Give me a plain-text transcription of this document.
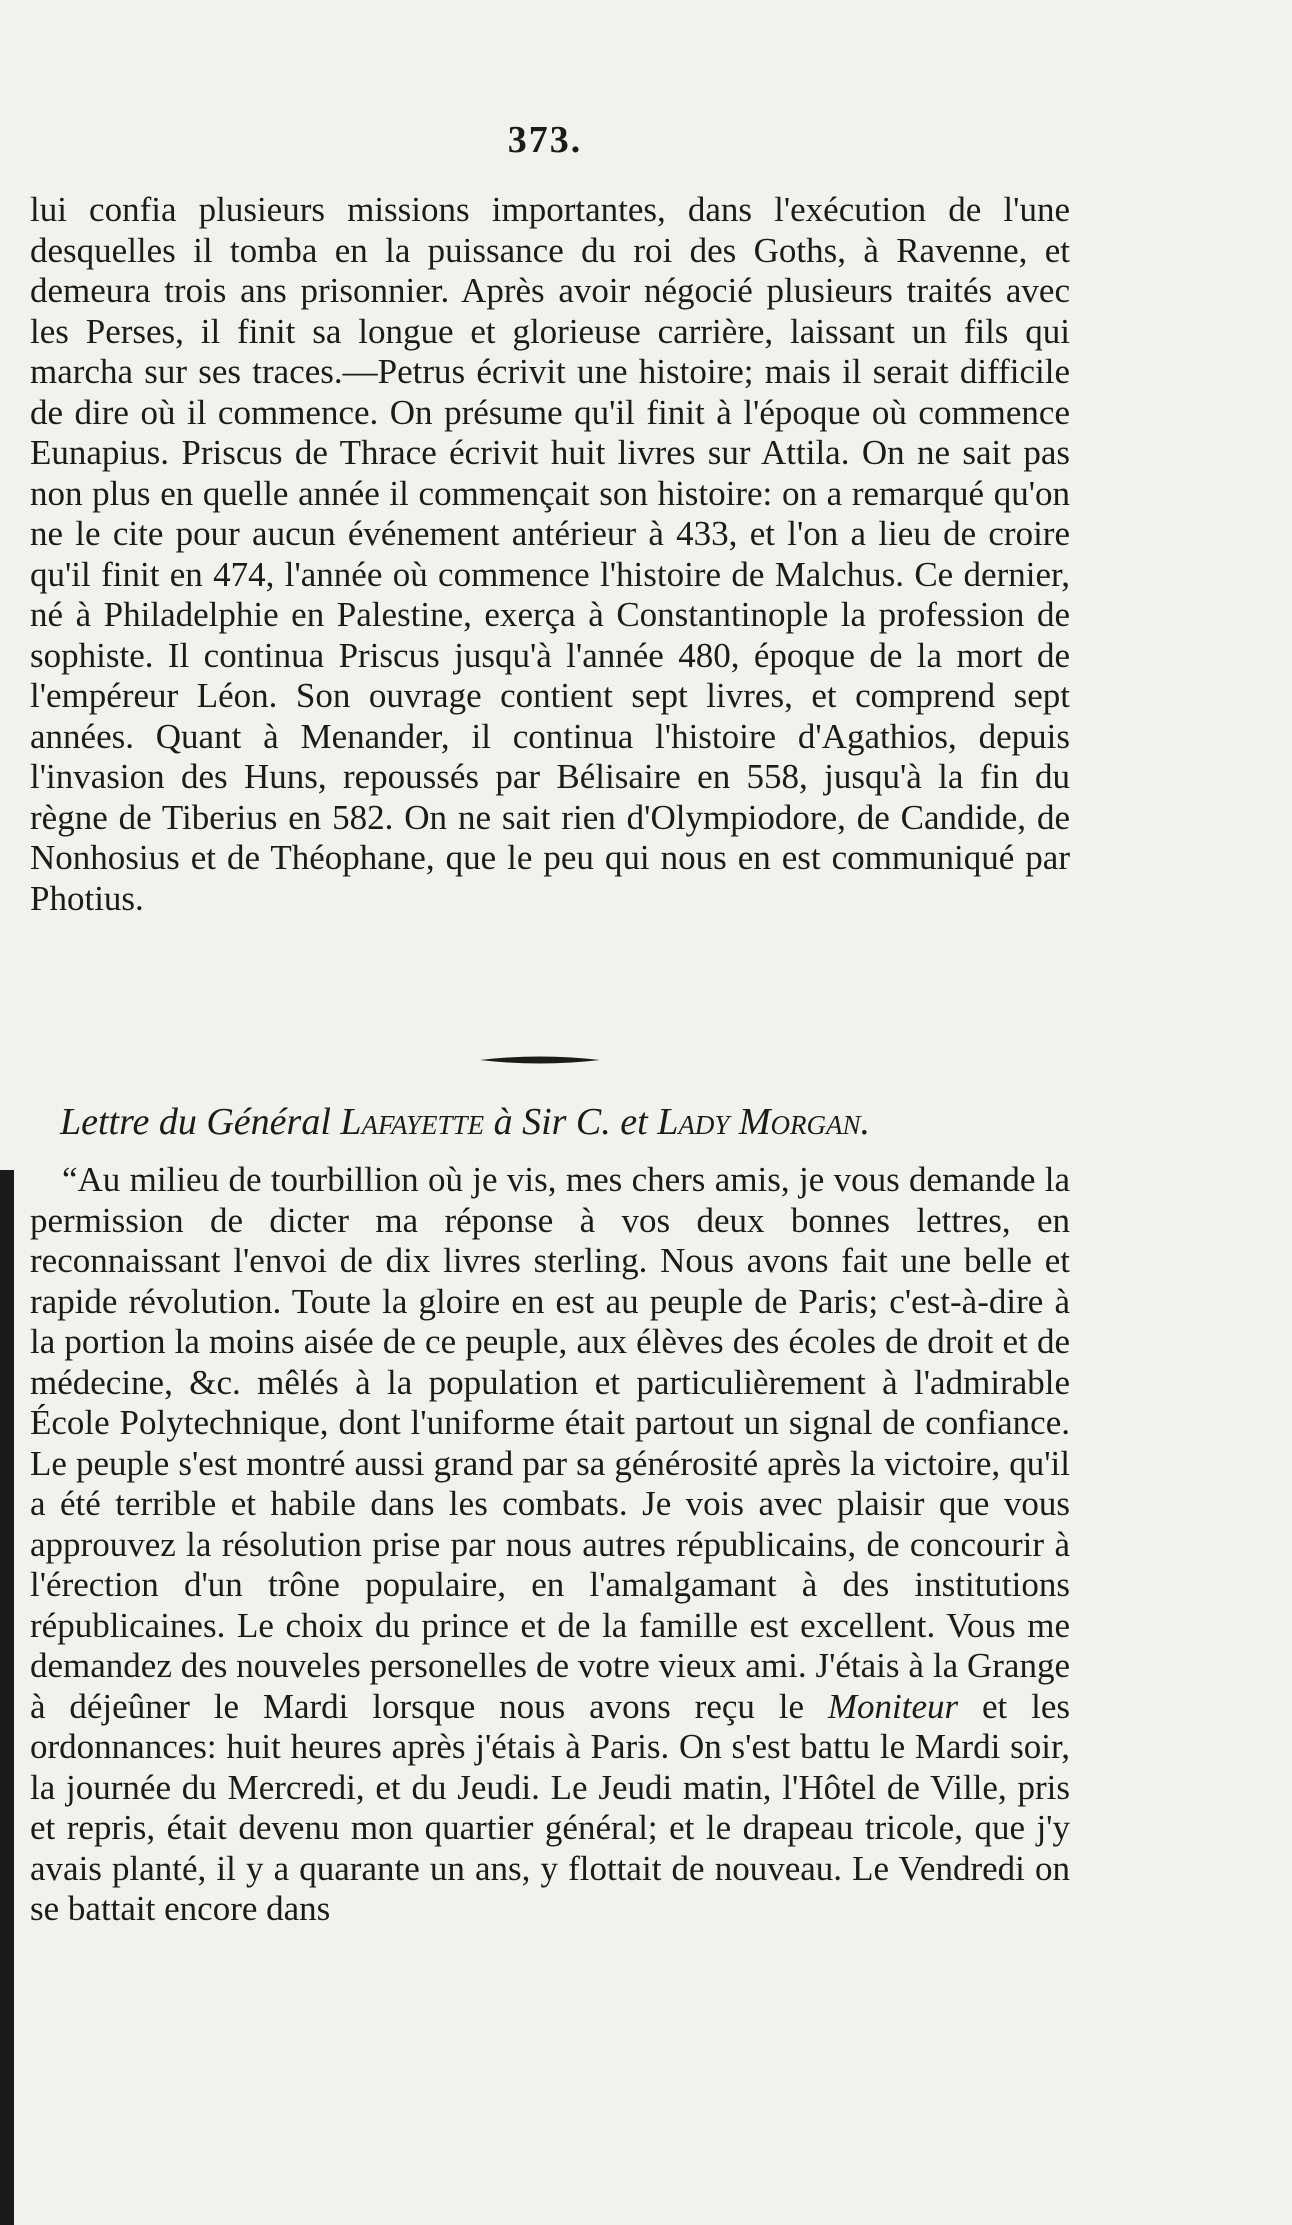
373.

lui confia plusieurs missions importantes, dans l'exécution de l'une desquelles il tomba en la puissance du roi des Goths, à Ravenne, et demeura trois ans prisonnier. Après avoir négocié plusieurs traités avec les Perses, il finit sa longue et glorieuse carrière, laissant un fils qui marcha sur ses traces.—Petrus écrivit une histoire; mais il serait difficile de dire où il commence. On présume qu'il finit à l'époque où commence Eunapius. Priscus de Thrace écrivit huit livres sur Attila. On ne sait pas non plus en quelle année il commençait son histoire: on a remarqué qu'on ne le cite pour aucun événement antérieur à 433, et l'on a lieu de croire qu'il finit en 474, l'année où commence l'histoire de Malchus. Ce dernier, né à Philadelphie en Palestine, exerça à Constantinople la profession de sophiste. Il continua Priscus jusqu'à l'année 480, époque de la mort de l'empéreur Léon. Son ouvrage contient sept livres, et comprend sept années. Quant à Menander, il continua l'histoire d'Agathios, depuis l'invasion des Huns, repoussés par Bélisaire en 558, jusqu'à la fin du règne de Tiberius en 582. On ne sait rien d'Olympiodore, de Candide, de Nonhosius et de Théophane, que le peu qui nous en est communiqué par Photius.

Lettre du Général Lafayette à Sir C. et Lady Morgan.

“Au milieu de tourbillion où je vis, mes chers amis, je vous demande la permission de dicter ma réponse à vos deux bonnes lettres, en reconnaissant l'envoi de dix livres sterling. Nous avons fait une belle et rapide révolution. Toute la gloire en est au peuple de Paris; c'est-à-dire à la portion la moins aisée de ce peuple, aux élèves des écoles de droit et de médecine, &c. mêlés à la population et particulièrement à l'admirable École Polytechnique, dont l'uniforme était partout un signal de confiance. Le peuple s'est montré aussi grand par sa générosité après la victoire, qu'il a été terrible et habile dans les combats. Je vois avec plaisir que vous approuvez la résolution prise par nous autres républicains, de concourir à l'érection d'un trône populaire, en l'amalgamant à des institutions républicaines. Le choix du prince et de la famille est excellent. Vous me demandez des nouveles personelles de votre vieux ami. J'étais à la Grange à déjeûner le Mardi lorsque nous avons reçu le Moniteur et les ordonnances: huit heures après j'étais à Paris. On s'est battu le Mardi soir, la journée du Mercredi, et du Jeudi. Le Jeudi matin, l'Hôtel de Ville, pris et repris, était devenu mon quartier général; et le drapeau tricole, que j'y avais planté, il y a quarante un ans, y flottait de nouveau. Le Vendredi on se battait encore dans
